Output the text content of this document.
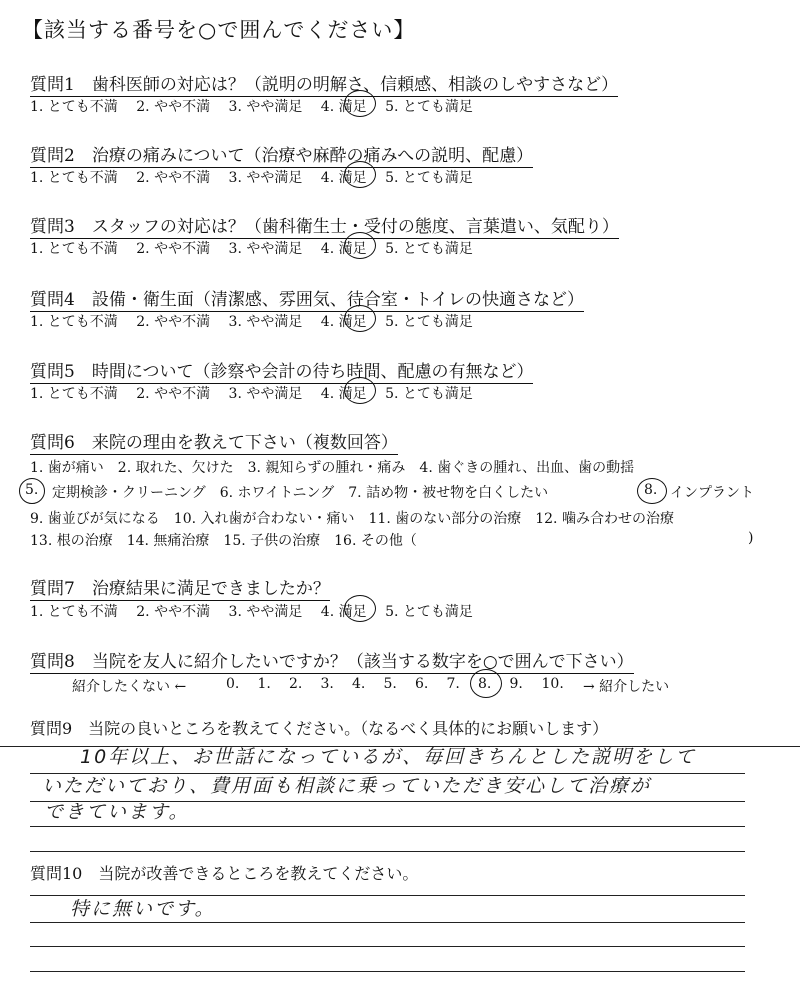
【該当する番号を○で囲んでください】
質問1　歯科医師の対応は？（説明の明解さ、信頼感、相談のしやすさなど）
1. とても不満　 2. やや不満　 3. やや満足　 4. 満足　 5. とても満足
質問2　治療の痛みについて（治療や麻酔の痛みへの説明、配慮）
1. とても不満　 2. やや不満　 3. やや満足　 4. 満足　 5. とても満足
質問3　スタッフの対応は？（歯科衛生士・受付の態度、言葉遣い、気配り）
1. とても不満　 2. やや不満　 3. やや満足　 4. 満足　 5. とても満足
質問4　設備・衛生面（清潔感、雰囲気、待合室・トイレの快適さなど）
1. とても不満　 2. やや不満　 3. やや満足　 4. 満足　 5. とても満足
質問5　時間について（診察や会計の待ち時間、配慮の有無など）
1. とても不満　 2. やや不満　 3. やや満足　 4. 満足　 5. とても満足
質問6　来院の理由を教えて下さい（複数回答）
1. 歯が痛い　2. 取れた、欠けた　3. 親知らずの腫れ・痛み　4. 歯ぐきの腫れ、出血、歯の動揺
5. 定期検診・クリーニング　6. ホワイトニング　7. 詰め物・被せ物を白くしたい	8. インプラント
9. 歯並びが気になる　10. 入れ歯が合わない・痛い　11. 歯のない部分の治療　12. 噛み合わせの治療
13. 根の治療　14. 無痛治療　15. 子供の治療　16. その他（	)
質問7　治療結果に満足できましたか？
1. とても不満　 2. やや不満　 3. やや満足　 4. 満足　 5. とても満足
質問8　当院を友人に紹介したいですか？（該当する数字を○で囲んで下さい）
紹介したくない ←	0. 1. 2. 3. 4. 5. 6. 7. 8. 9. 10. → 紹介したい
質問9　当院の良いところを教えてください。（なるべく具体的にお願いします）
10年以上、お世話になっているが、毎回きちんとした説明をして
いただいており、費用面も相談に乗っていただき安心して治療が
できています。
質問10　当院が改善できるところを教えてください。
特に無いです。
